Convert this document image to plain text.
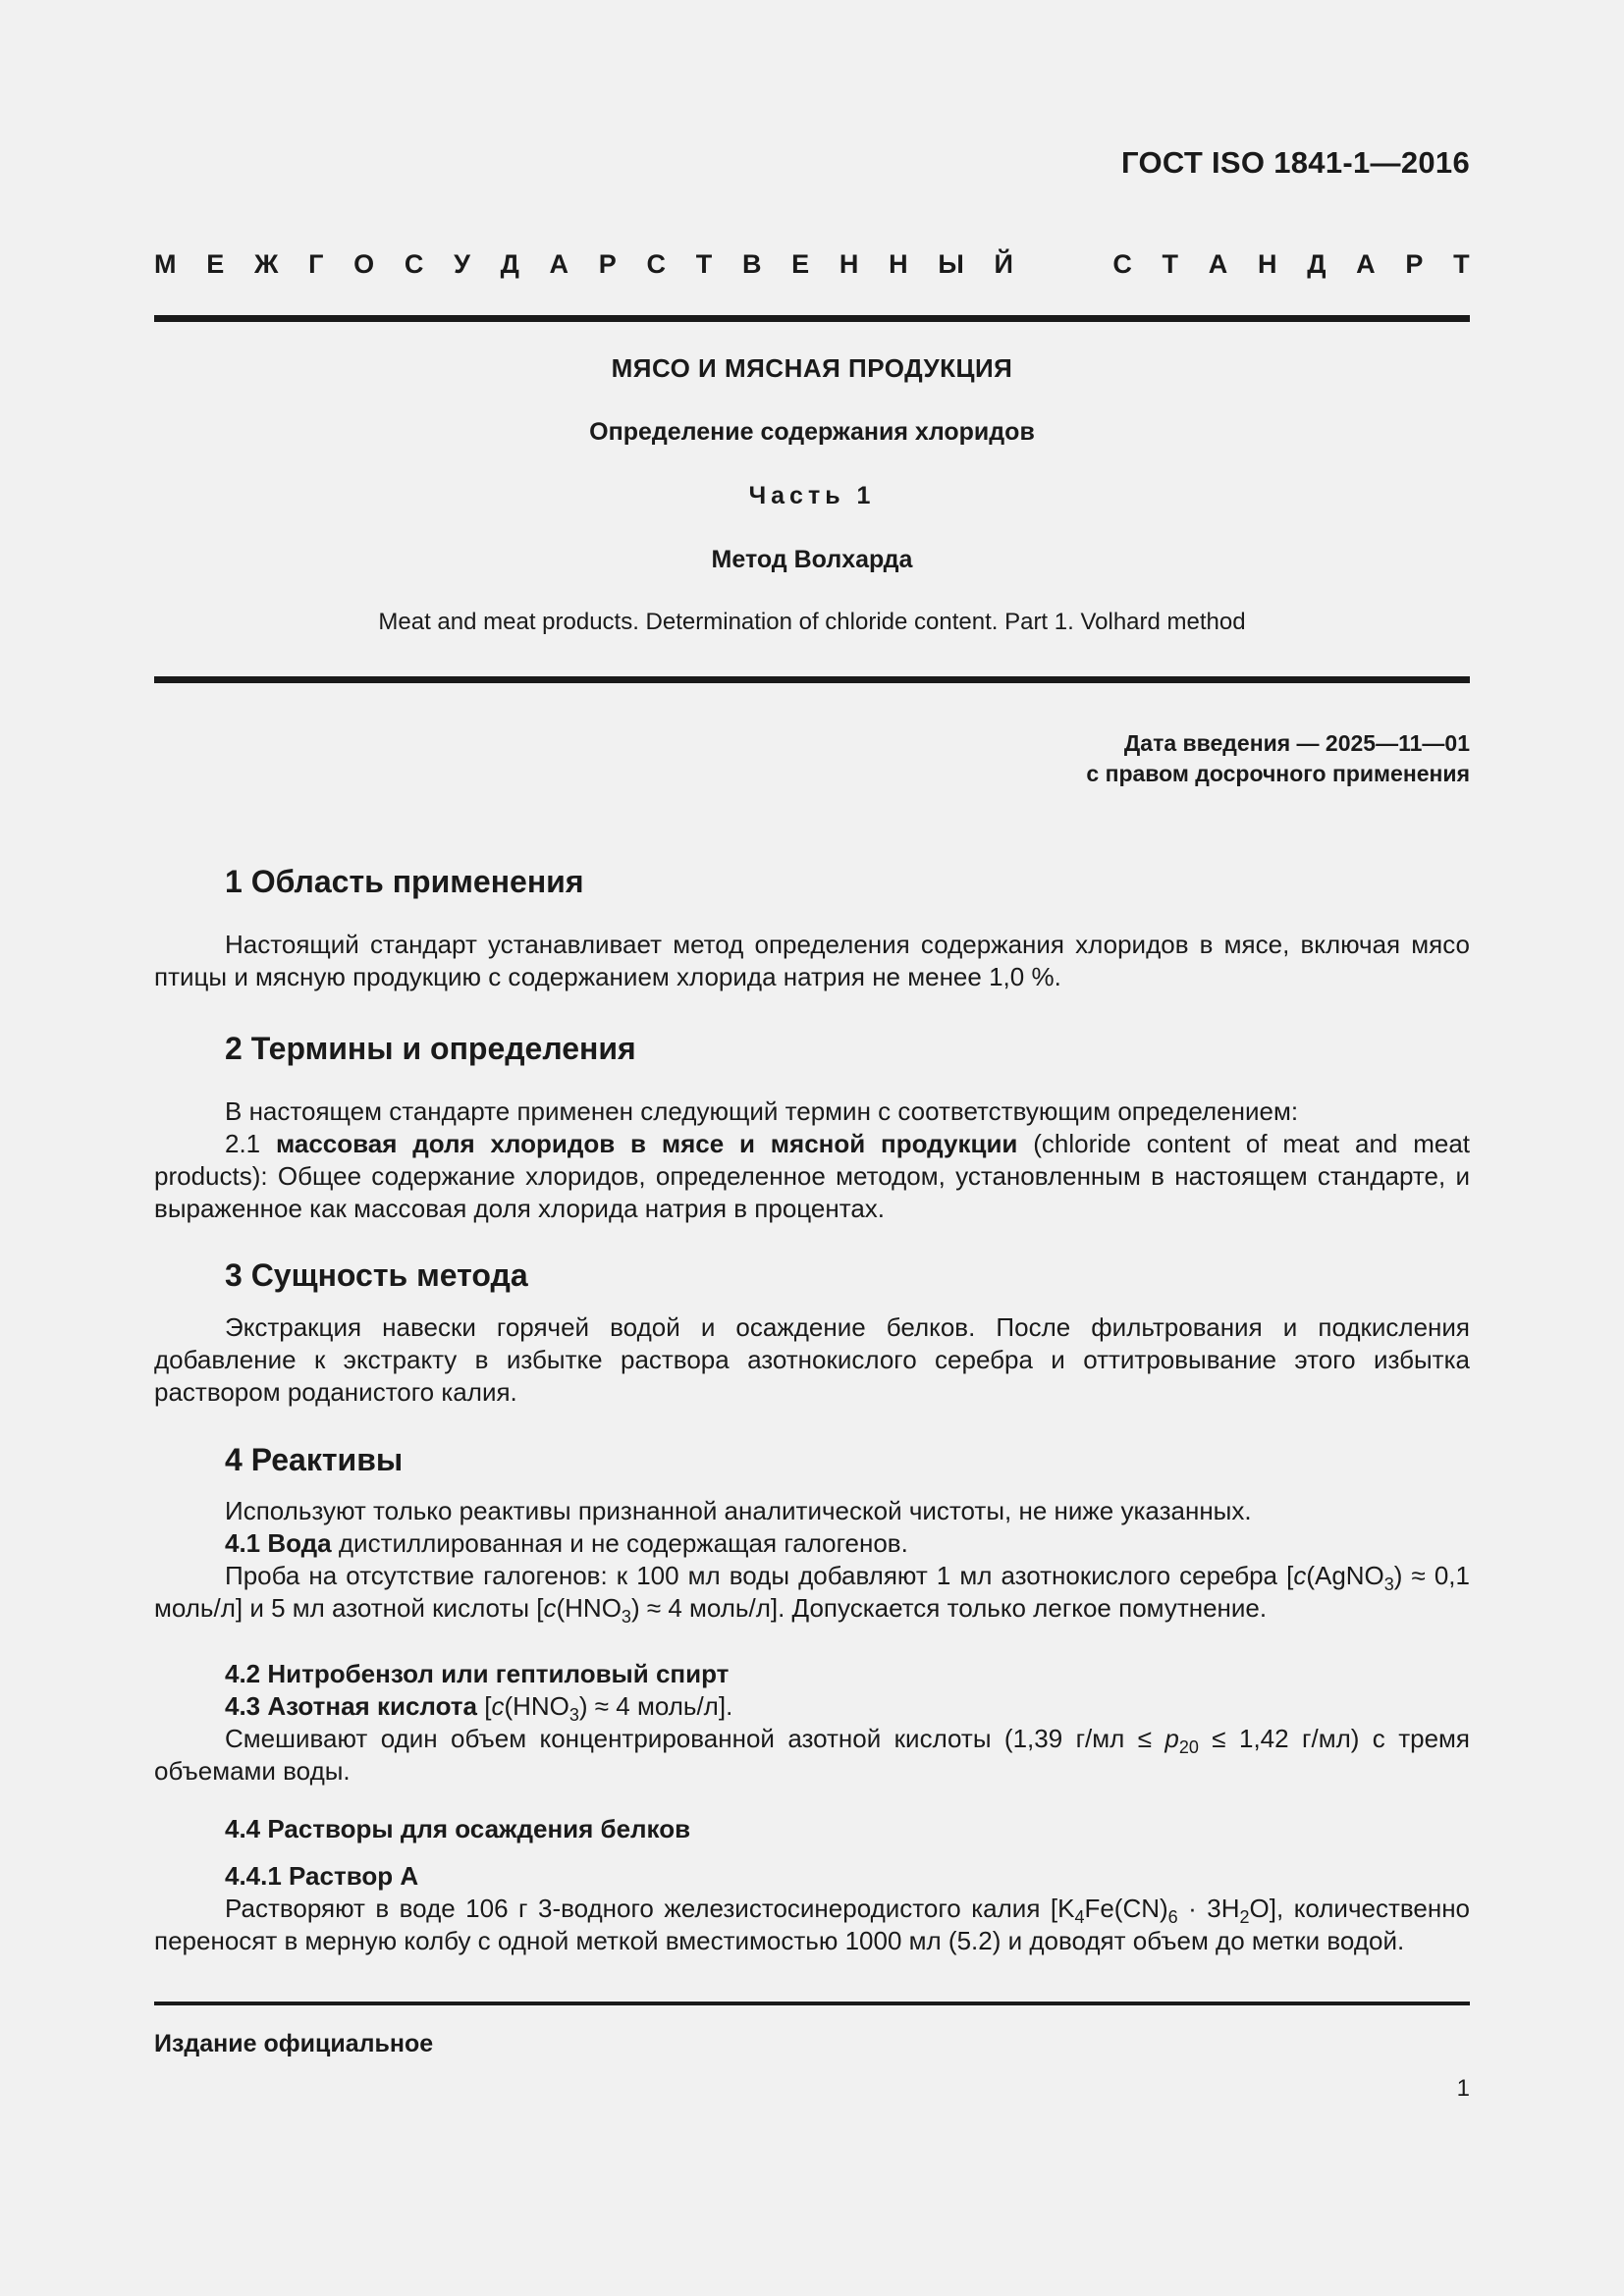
ГОСТ ISO 1841-1—2016
М Е Ж Г О С У Д А Р С Т В Е Н Н Ы Й	С Т А Н Д А Р Т
МЯСО И МЯСНАЯ ПРОДУКЦИЯ
Определение содержания хлоридов
Часть 1
Метод Волхарда
Meat and meat products. Determination of chloride content. Part 1. Volhard method
Дата введения — 2025—11—01
с правом досрочного применения
1 Область применения
Настоящий стандарт устанавливает метод определения содержания хлоридов в мясе, включая мясо птицы и мясную продукцию с содержанием хлорида натрия не менее 1,0 %.
2 Термины и определения
В настоящем стандарте применен следующий термин с соответствующим определением:
2.1 массовая доля хлоридов в мясе и мясной продукции (chloride content of meat and meat products): Общее содержание хлоридов, определенное методом, установленным в настоящем стандарте, и выраженное как массовая доля хлорида натрия в процентах.
3 Сущность метода
Экстракция навески горячей водой и осаждение белков. После фильтрования и подкисления добавление к экстракту в избытке раствора азотнокислого серебра и оттитровывание этого избытка раствором роданистого калия.
4 Реактивы
Используют только реактивы признанной аналитической чистоты, не ниже указанных.
4.1 Вода дистиллированная и не содержащая галогенов.
Проба на отсутствие галогенов: к 100 мл воды добавляют 1 мл азотнокислого серебра [c(AgNO$_3$) ≈ 0,1 моль/л] и 5 мл азотной кислоты [$c(HNO_3) \approx 4$ моль/л]. Допускается только легкое помутнение.
4.2 Нитробензол или гептиловый спирт
4.3 Азотная кислота [$c(HNO_3) \approx 4$ моль/л].
Смешивают один объем концентрированной азотной кислоты (1,39 $г/мл \le p_{20} \le 1,42$ г/мл) с тремя объемами воды.
4.4 Растворы для осаждения белков
4.4.1 Раствор А
Растворяют в воде 106 г 3-водного железистосинеродистого калия $[K_4Fe(CN)_6 \cdot 3H_2O]$, количественно переносят в мерную колбу с одной меткой вместимостью 1000 мл (5.2) и доводят объем до метки водой.
Издание официальное
1
